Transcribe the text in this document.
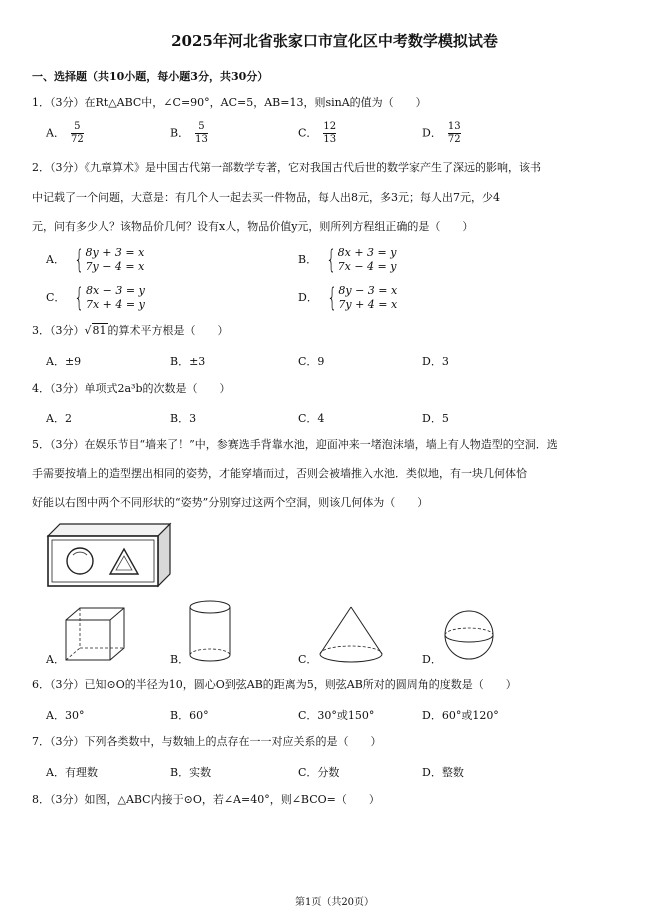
2025年河北省张家口市宣化区中考数学模拟试卷
一、选择题（共10小题，每小题3分，共30分）
1．（3分）在Rt△ABC中，∠C=90°，AC=5，AB=13，则sinA的值为（　　）
A． $\frac{5}{72}$	B． $\frac{5}{13}$	C． $\frac{12}{13}$	D． $\frac{13}{72}$
2．（3分）《九章算术》是中国古代第一部数学专著，它对我国古代后世的数学家产生了深远的影响，该书
中记载了一个问题，大意是：有几个人一起去买一件物品，每人出8元，多3元；每人出7元，少4
元，问有多少人？该物品价几何？设有x人，物品价值y元，则所列方程组正确的是（　　）
A． { 8y + 3 = x
7y − 4 = x
B． { 8x + 3 = y
7x − 4 = y
C． { 8x − 3 = y
7x + 4 = y
D． { 8y − 3 = x
7y + 4 = x
3．（3分）√81的算术平方根是（　　）
A．±9	B．±3	C．9	D．3
4．（3分）单项式2a³b的次数是（　　）
A．2	B．3	C．4	D．5
5．（3分）在娱乐节目“墙来了！”中，参赛选手背靠水池，迎面冲来一堵泡沫墙，墙上有人物造型的空洞．选
手需要按墙上的造型摆出相同的姿势，才能穿墙而过，否则会被墙推入水池．类似地，有一块几何体恰
好能以右图中两个不同形状的“姿势”分别穿过这两个空洞，则该几何体为（　　）
A．	B．	C．	D．
6．（3分）已知⊙O的半径为10，圆心O到弦AB的距离为5，则弦AB所对的圆周角的度数是（　　）
A．30°	B．60°	C．30°或150°	D．60°或120°
7．（3分）下列各类数中，与数轴上的点存在一一对应关系的是（　　）
A．有理数	B．实数	C．分数	D．整数
8．（3分）如图，△ABC内接于⊙O，若∠A=40°，则∠BCO=（　　）
第1页（共20页）
